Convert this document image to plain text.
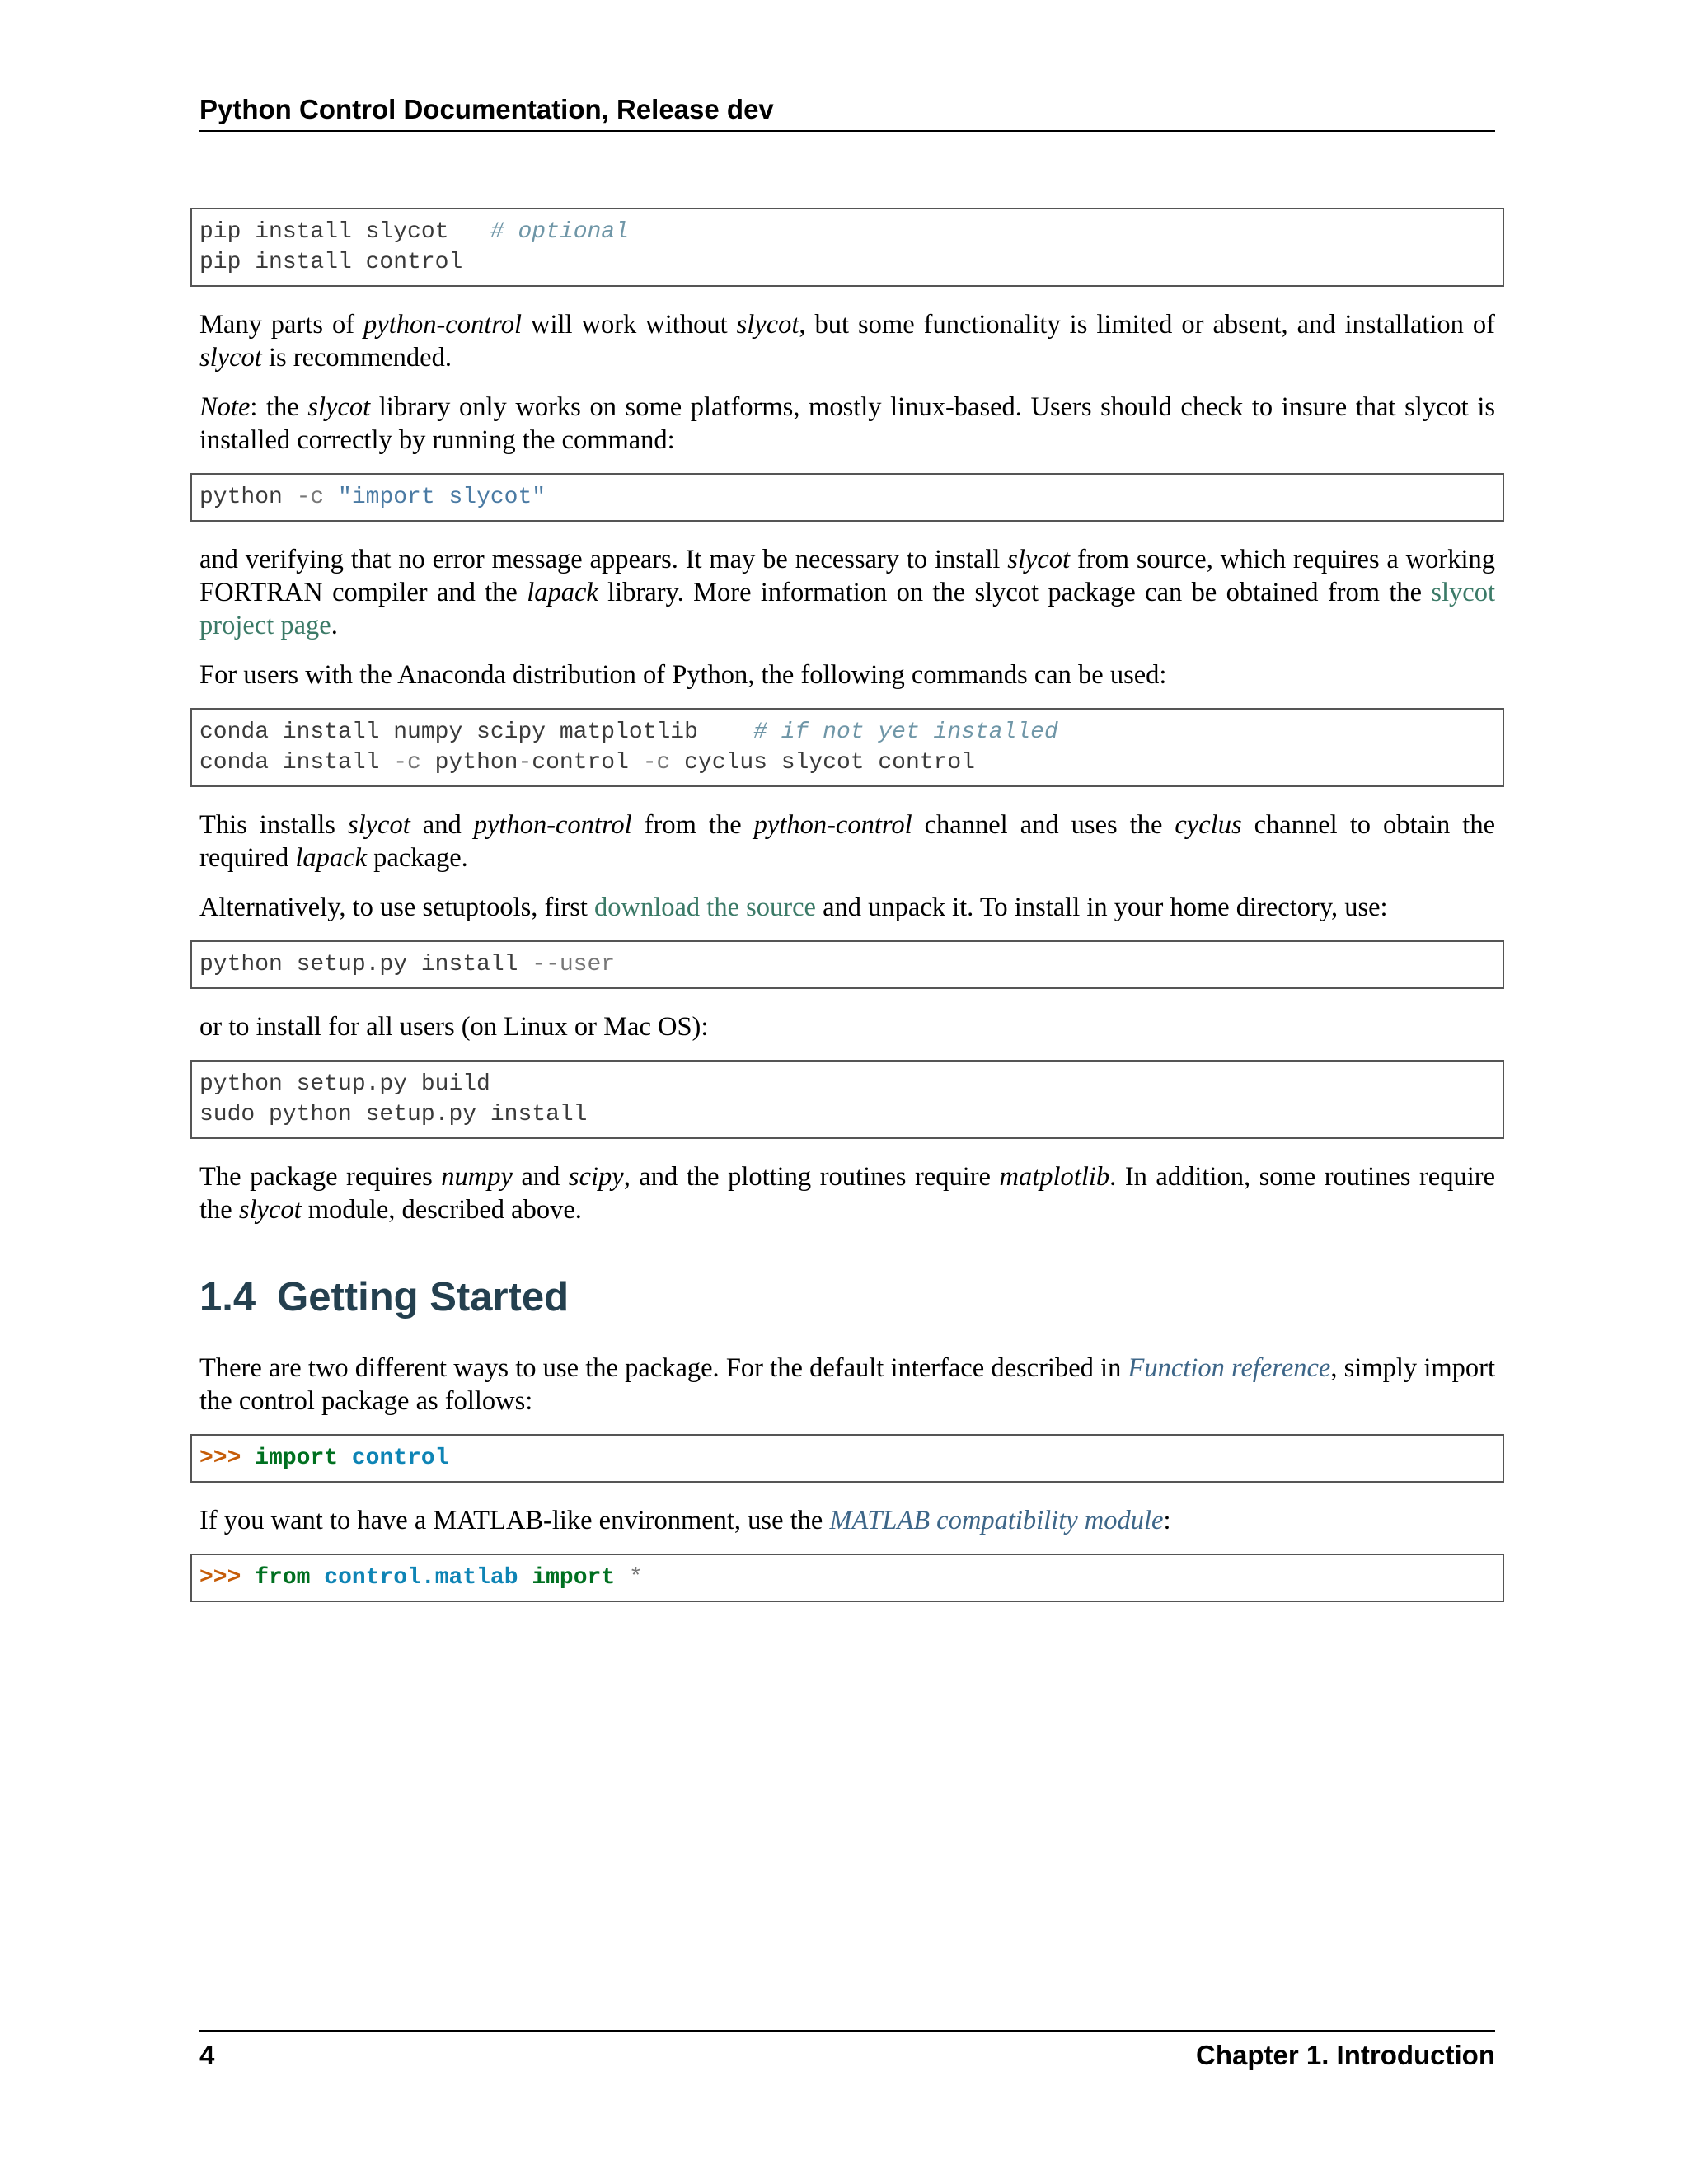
Python Control Documentation, Release dev
pip install slycot # optional
pip install control

Many parts of python-control will work without slycot, but some functionality is limited or absent, and installation of slycot is recommended.

Note: the slycot library only works on some platforms, mostly linux-based. Users should check to insure that slycot is installed correctly by running the command:

python -c "import slycot"

and verifying that no error message appears. It may be necessary to install slycot from source, which requires a working FORTRAN compiler and the lapack library. More information on the slycot package can be obtained from the slycot project page.

For users with the Anaconda distribution of Python, the following commands can be used:

conda install numpy scipy matplotlib # if not yet installed
conda install -c python-control -c cyclus slycot control

This installs slycot and python-control from the python-control channel and uses the cyclus channel to obtain the required lapack package.

Alternatively, to use setuptools, first download the source and unpack it. To install in your home directory, use:

python setup.py install --user

or to install for all users (on Linux or Mac OS):

python setup.py build
sudo python setup.py install

The package requires numpy and scipy, and the plotting routines require matplotlib. In addition, some routines require the slycot module, described above.

1.4 Getting Started

There are two different ways to use the package. For the default interface described in Function reference, simply import the control package as follows:

>>> import control

If you want to have a MATLAB-like environment, use the MATLAB compatibility module:

>>> from control.matlab import *
4	Chapter 1. Introduction
